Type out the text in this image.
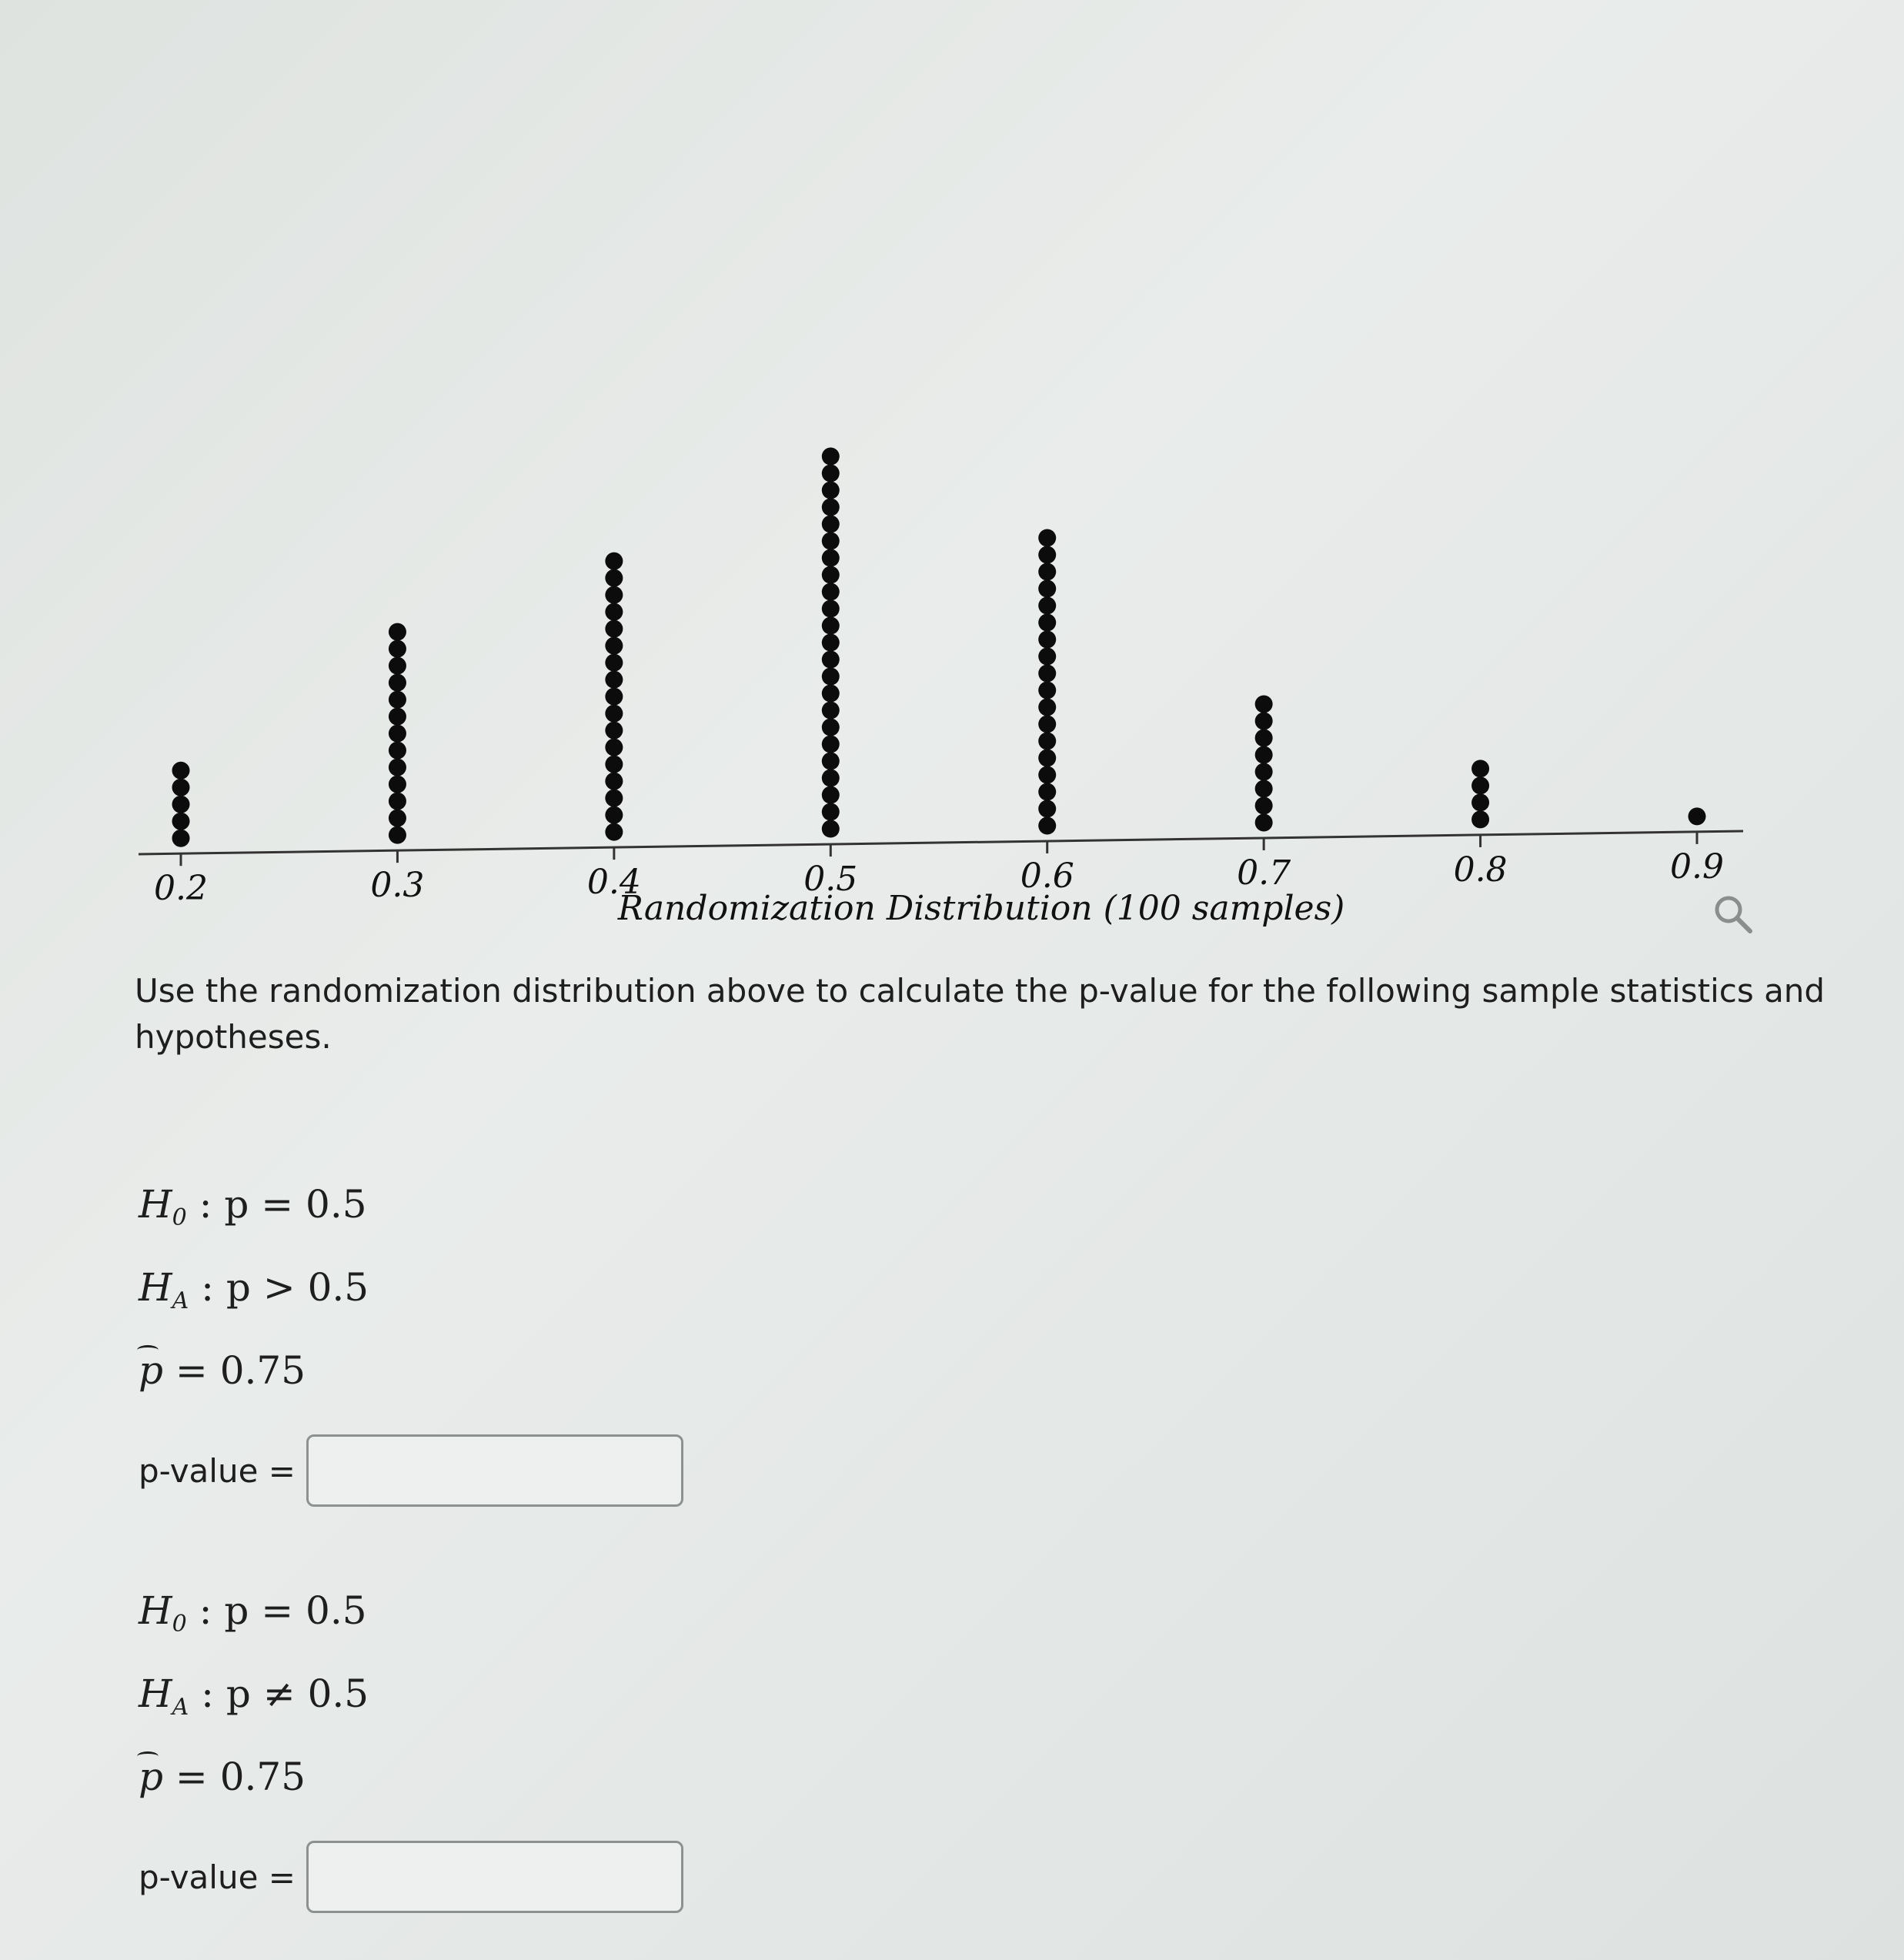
0.2	0.3	0.4	0.5	0.6	0.7	0.8	0.9
Randomization Distribution (100 samples)

Use the randomization distribution above to calculate the p-value for the following sample statistics and hypotheses.

$H_0$ : p = 0.5
$H_A$ : p > 0.5
p = 0.75
p-value =
$H_0$ : p = 0.5
$H_A$ : p ≠ 0.5
p = 0.75
p-value =
